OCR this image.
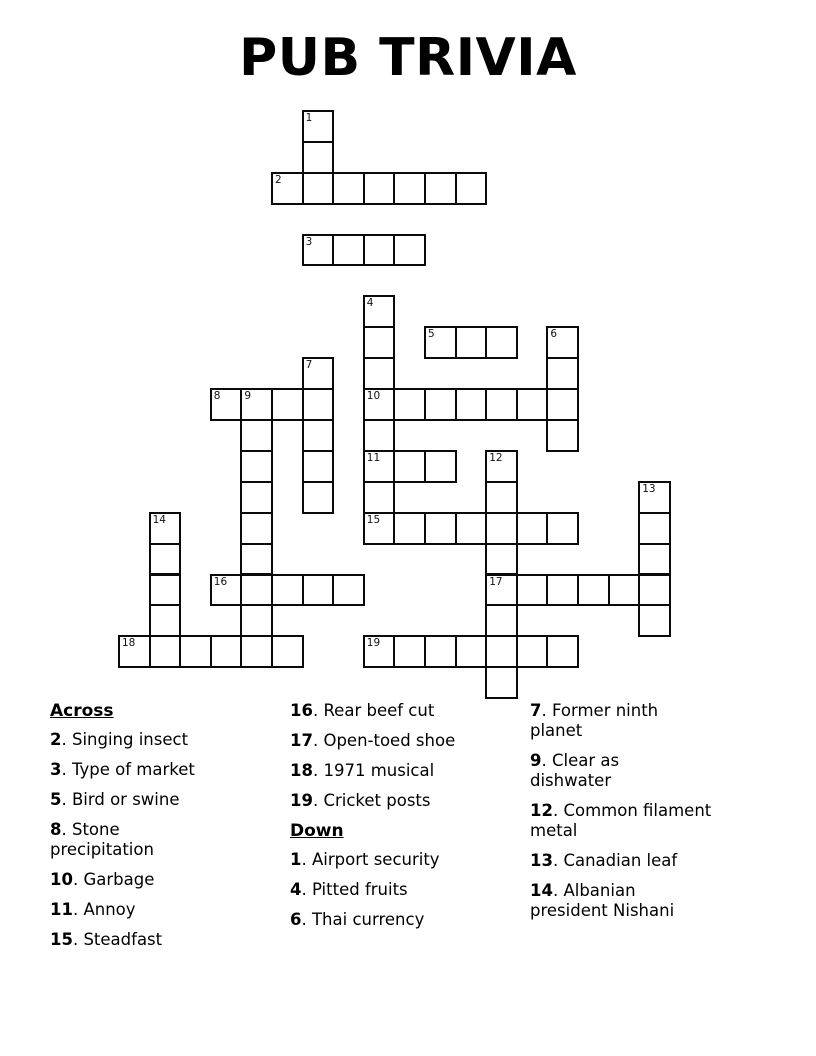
PUB TRIVIA
1
2
3
4
10
11
15
5	6
7
8 9
12
17
13
14
16
18	19
Across
2. Singing insect
3. Type of market
5. Bird or swine
8. Stone precipitation
10. Garbage
11. Annoy
15. Steadfast
16. Rear beef cut
17. Open-toed shoe
18. 1971 musical
19. Cricket posts
Down
1. Airport security
4. Pitted fruits
6. Thai currency
7. Former ninth planet
9. Clear as dishwater
12. Common filament metal
13. Canadian leaf
14. Albanian president Nishani
